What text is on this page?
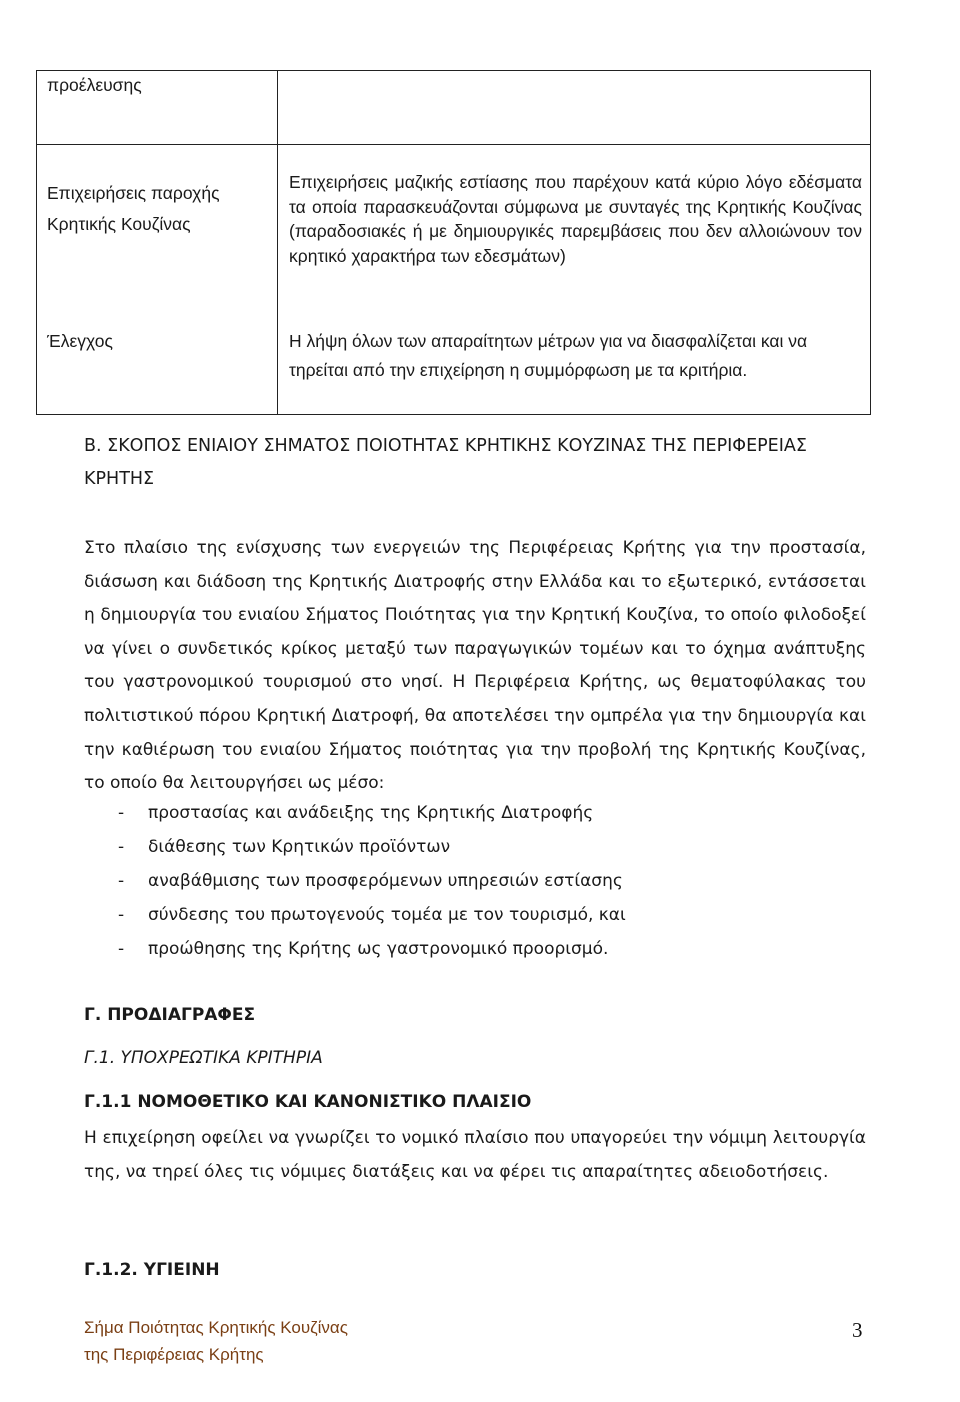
προέλευσης	
Επιχειρήσεις παροχής Κρητικής Κουζίνας	Επιχειρήσεις μαζικής εστίασης που παρέχουν κατά κύριο λόγο εδέσματα τα οποία παρασκευάζονται σύμφωνα με συνταγές της Κρητικής Κουζίνας (παραδοσιακές ή με δημιουργικές παρεμβάσεις που δεν αλλοιώνουν τον κρητικό χαρακτήρα των εδεσμάτων)
Έλεγχος	Η λήψη όλων των απαραίτητων μέτρων για να διασφαλίζεται και να τηρείται από την επιχείρηση η συμμόρφωση με τα κριτήρια.
Β. ΣΚΟΠΟΣ ΕΝΙΑΙΟΥ ΣΗΜΑΤΟΣ ΠΟΙΟΤΗΤΑΣ ΚΡΗΤΙΚΗΣ ΚΟΥΖΙΝΑΣ ΤΗΣ ΠΕΡΙΦΕΡΕΙΑΣ ΚΡΗΤΗΣ
Στο πλαίσιο της ενίσχυσης των ενεργειών της Περιφέρειας Κρήτης για την προστασία, διάσωση και διάδοση της Κρητικής Διατροφής στην Ελλάδα και το εξωτερικό, εντάσσεται η δημιουργία του ενιαίου Σήματος Ποιότητας για την Κρητική Κουζίνα, το οποίο φιλοδοξεί να γίνει ο συνδετικός κρίκος μεταξύ των παραγωγικών τομέων και το όχημα ανάπτυξης του γαστρονομικού τουρισμού στο νησί. Η Περιφέρεια Κρήτης, ως θεματοφύλακας του πολιτιστικού πόρου Κρητική Διατροφή, θα αποτελέσει την ομπρέλα για την δημιουργία και την καθιέρωση του ενιαίου Σήματος ποιότητας για την προβολή της Κρητικής Κουζίνας, το οποίο θα λειτουργήσει ως μέσο:
- προστασίας και ανάδειξης της Κρητικής Διατροφής
- διάθεσης των Κρητικών προϊόντων
- αναβάθμισης των προσφερόμενων υπηρεσιών εστίασης
- σύνδεσης του πρωτογενούς τομέα με τον τουρισμό, και
- προώθησης της Κρήτης ως γαστρονομικό προορισμό.
Γ. ΠΡΟΔΙΑΓΡΑΦΕΣ
Γ.1. ΥΠΟΧΡΕΩΤΙΚΑ ΚΡΙΤΗΡΙΑ
Γ.1.1 ΝΟΜΟΘΕΤΙΚΟ ΚΑΙ ΚΑΝΟΝΙΣΤΙΚΟ ΠΛΑΙΣΙΟ
Η επιχείρηση οφείλει να γνωρίζει το νομικό πλαίσιο που υπαγορεύει την νόμιμη λειτουργία της, να τηρεί όλες τις νόμιμες διατάξεις και να φέρει τις απαραίτητες αδειοδοτήσεις.
Γ.1.2. ΥΓΙΕΙΝΗ
Σήμα Ποιότητας Κρητικής Κουζίνας
της Περιφέρειας Κρήτης
3
